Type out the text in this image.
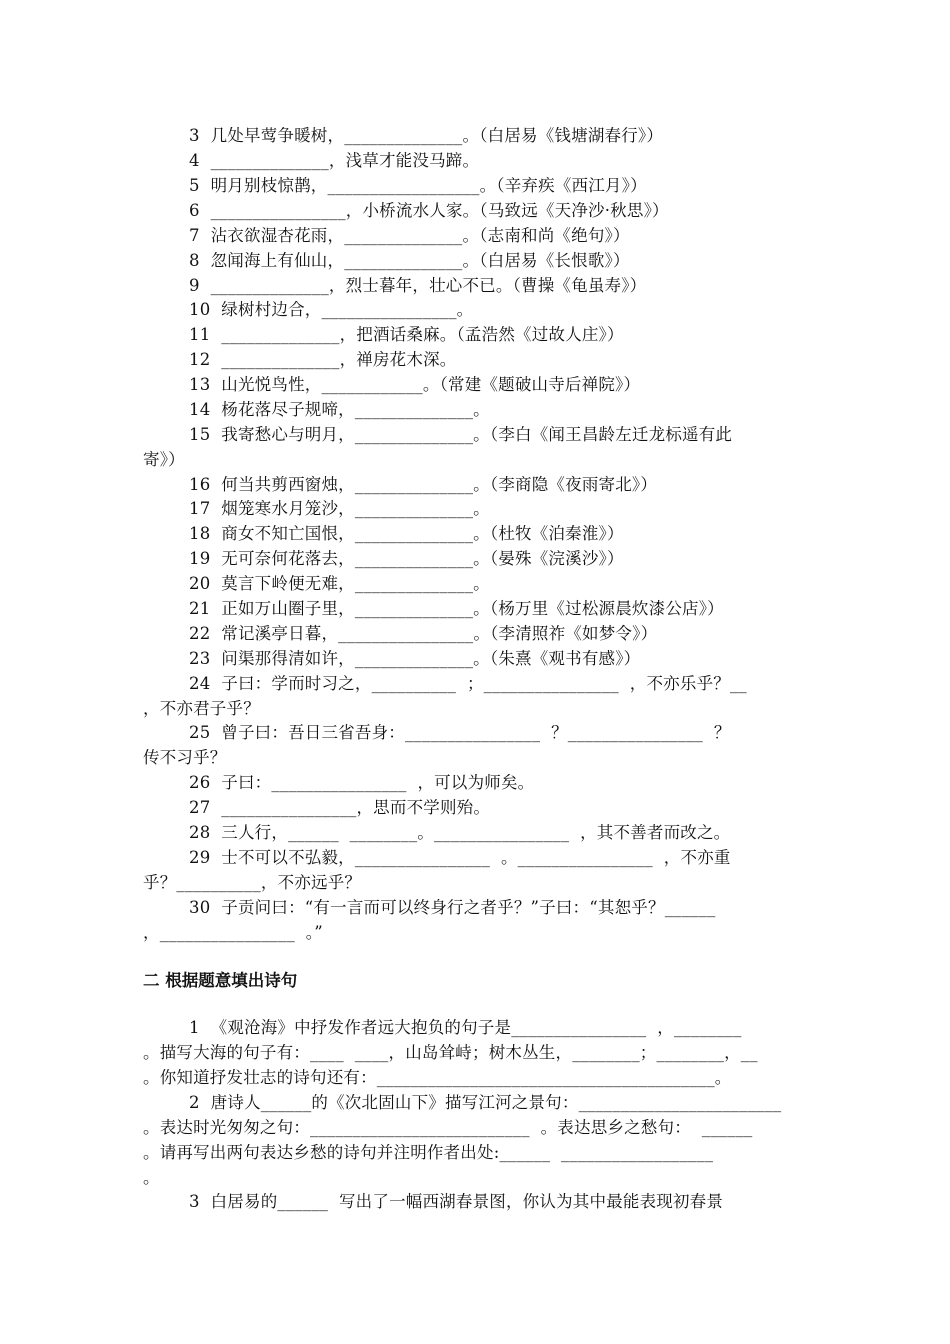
3  几处早莺争暖树，______________。（白居易《钱塘湖春行》）
4  ______________，浅草才能没马蹄。
5  明月别枝惊鹊，__________________。（辛弃疾《西江月》）
6  ________________，小桥流水人家。（马致远《天净沙·秋思》）
7  沾衣欲湿杏花雨，______________。（志南和尚《绝句》）
8  忽闻海上有仙山，______________。（白居易《长恨歌》）
9  ______________，烈士暮年，壮心不已。（曹操《龟虽寿》）
10  绿树村边合，________________。
11  ______________，把酒话桑麻。（孟浩然《过故人庄》）
12  ______________，禅房花木深。
13  山光悦鸟性，____________。（常建《题破山寺后禅院》）
14  杨花落尽子规啼，______________。
15  我寄愁心与明月，______________。（李白《闻王昌龄左迁龙标遥有此
寄》）
16  何当共剪西窗烛，______________。（李商隐《夜雨寄北》）
17  烟笼寒水月笼沙，______________。
18  商女不知亡国恨，______________。（杜牧《泊秦淮》）
19  无可奈何花落去，______________。（晏殊《浣溪沙》）
20  莫言下岭便无难，______________。
21  正如万山圈子里，______________。（杨万里《过松源晨炊漆公店》）
22  常记溪亭日暮，________________。（李清照祚《如梦令》）
23  问渠那得清如许，______________。（朱熹《观书有感》）
24  子曰：学而时习之，__________  ；________________  ，不亦乐乎？__
，不亦君子乎？
25  曾子曰：吾日三省吾身：________________  ？________________  ？
传不习乎？
26  子曰：________________  ，可以为师矣。
27  ________________，思而不学则殆。
28  三人行，______  ________。________________  ，其不善者而改之。
29  士不可以不弘毅，________________  。________________  ，不亦重
乎？__________，不亦远乎？
30  子贡问曰：“有一言而可以终身行之者乎？”子曰：“其恕乎？______
，________________  。”
二 根据题意填出诗句
1  《观沧海》中抒发作者远大抱负的句子是________________  ，________
。描写大海的句子有：____  ____，山岛耸峙；树木丛生，________；________，__
。你知道抒发壮志的诗句还有：________________________________________。
2  唐诗人______的《次北固山下》描写江河之景句：________________________
。表达时光匆匆之句：__________________________  。表达思乡之愁句：  ______
。请再写出两句表达乡愁的诗句并注明作者出处:______  __________________
。
3  白居易的______  写出了一幅西湖春景图，你认为其中最能表现初春景
